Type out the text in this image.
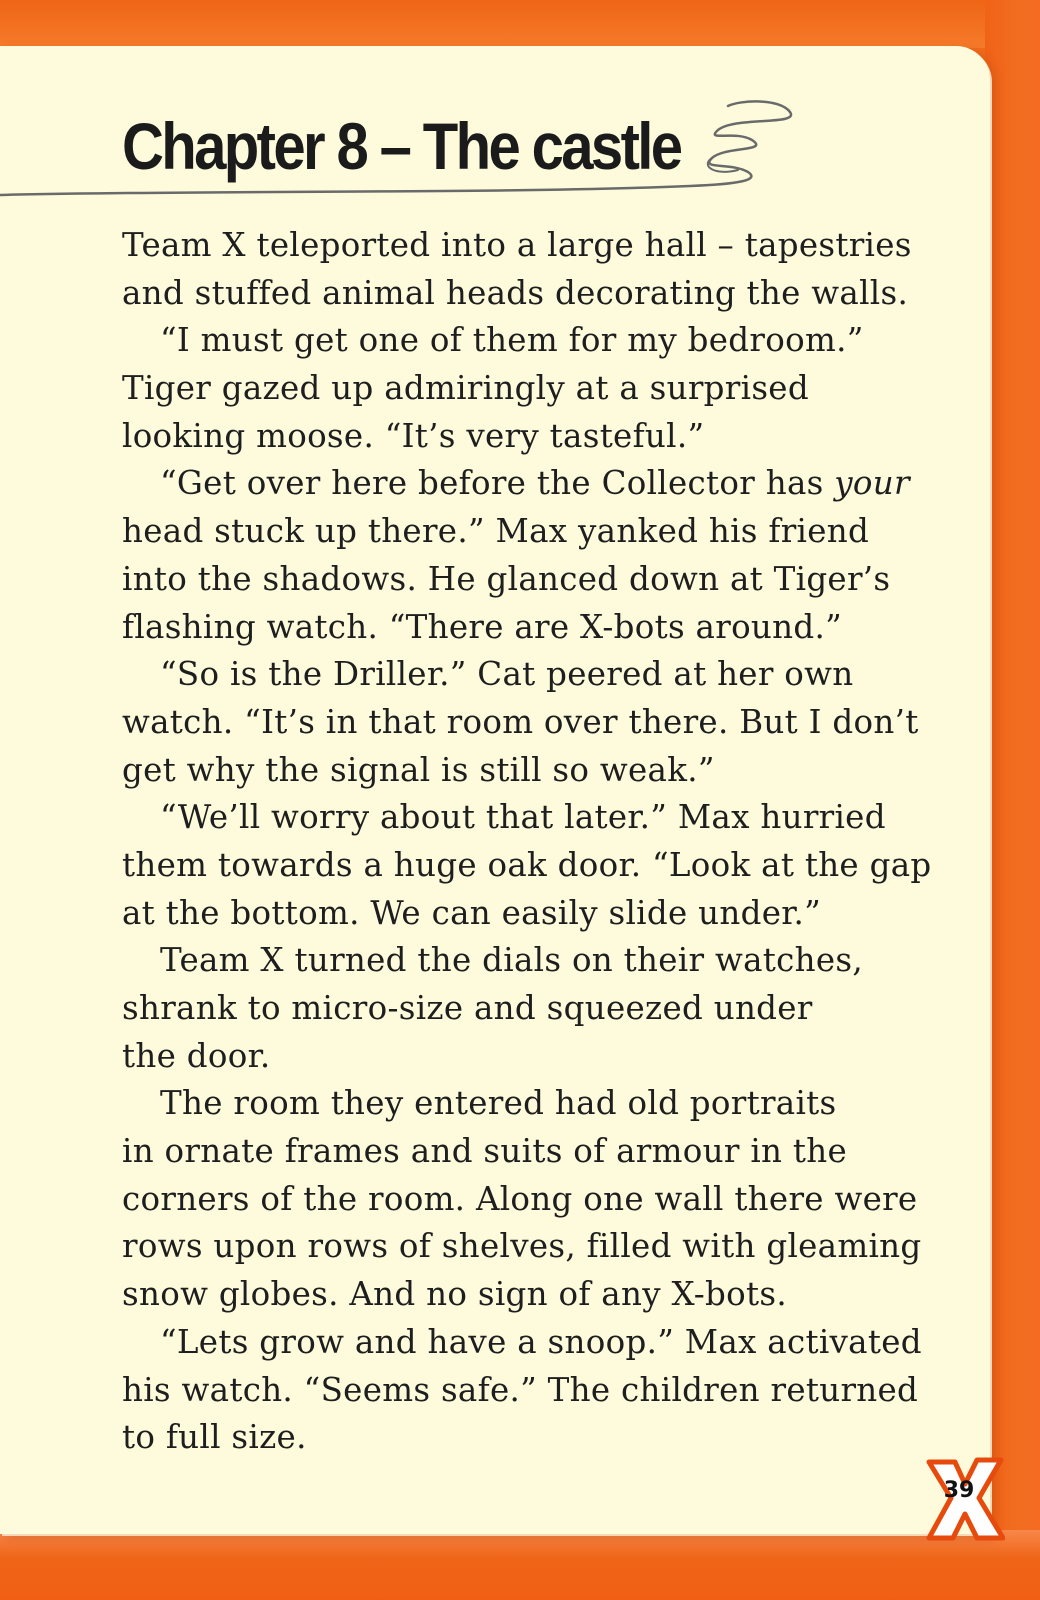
Chapter 8 – The castle
Team X teleported into a large hall – tapestries
and stuffed animal heads decorating the walls.
“I must get one of them for my bedroom.”
Tiger gazed up admiringly at a surprised
looking moose. “It’s very tasteful.”
“Get over here before the Collector has your
head stuck up there.” Max yanked his friend
into the shadows. He glanced down at Tiger’s
flashing watch. “There are X-bots around.”
“So is the Driller.” Cat peered at her own
watch. “It’s in that room over there. But I don’t
get why the signal is still so weak.”
“We’ll worry about that later.” Max hurried
them towards a huge oak door. “Look at the gap
at the bottom. We can easily slide under.”
Team X turned the dials on their watches,
shrank to micro-size and squeezed under
the door.
The room they entered had old portraits
in ornate frames and suits of armour in the
corners of the room. Along one wall there were
rows upon rows of shelves, filled with gleaming
snow globes. And no sign of any X-bots.
“Lets grow and have a snoop.” Max activated
his watch. “Seems safe.” The children returned
to full size.
39
